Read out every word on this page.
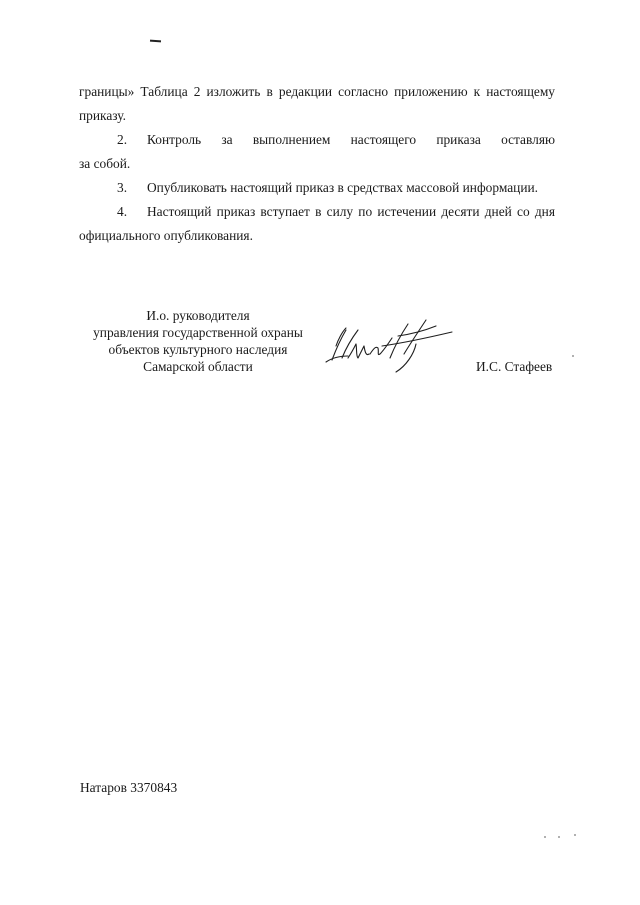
границы» Таблица 2 изложить в редакции согласно приложению к настоящему
приказу.
2. Контроль за выполнением настоящего приказа оставляю
за собой.
3. Опубликовать настоящий приказ в средствах массовой информации.
4. Настоящий приказ вступает в силу по истечении десяти дней со дня
официального опубликования.
И.о. руководителя
управления государственной охраны
объектов культурного наследия
Самарской области	И.С. Стафеев
Натаров 3370843
